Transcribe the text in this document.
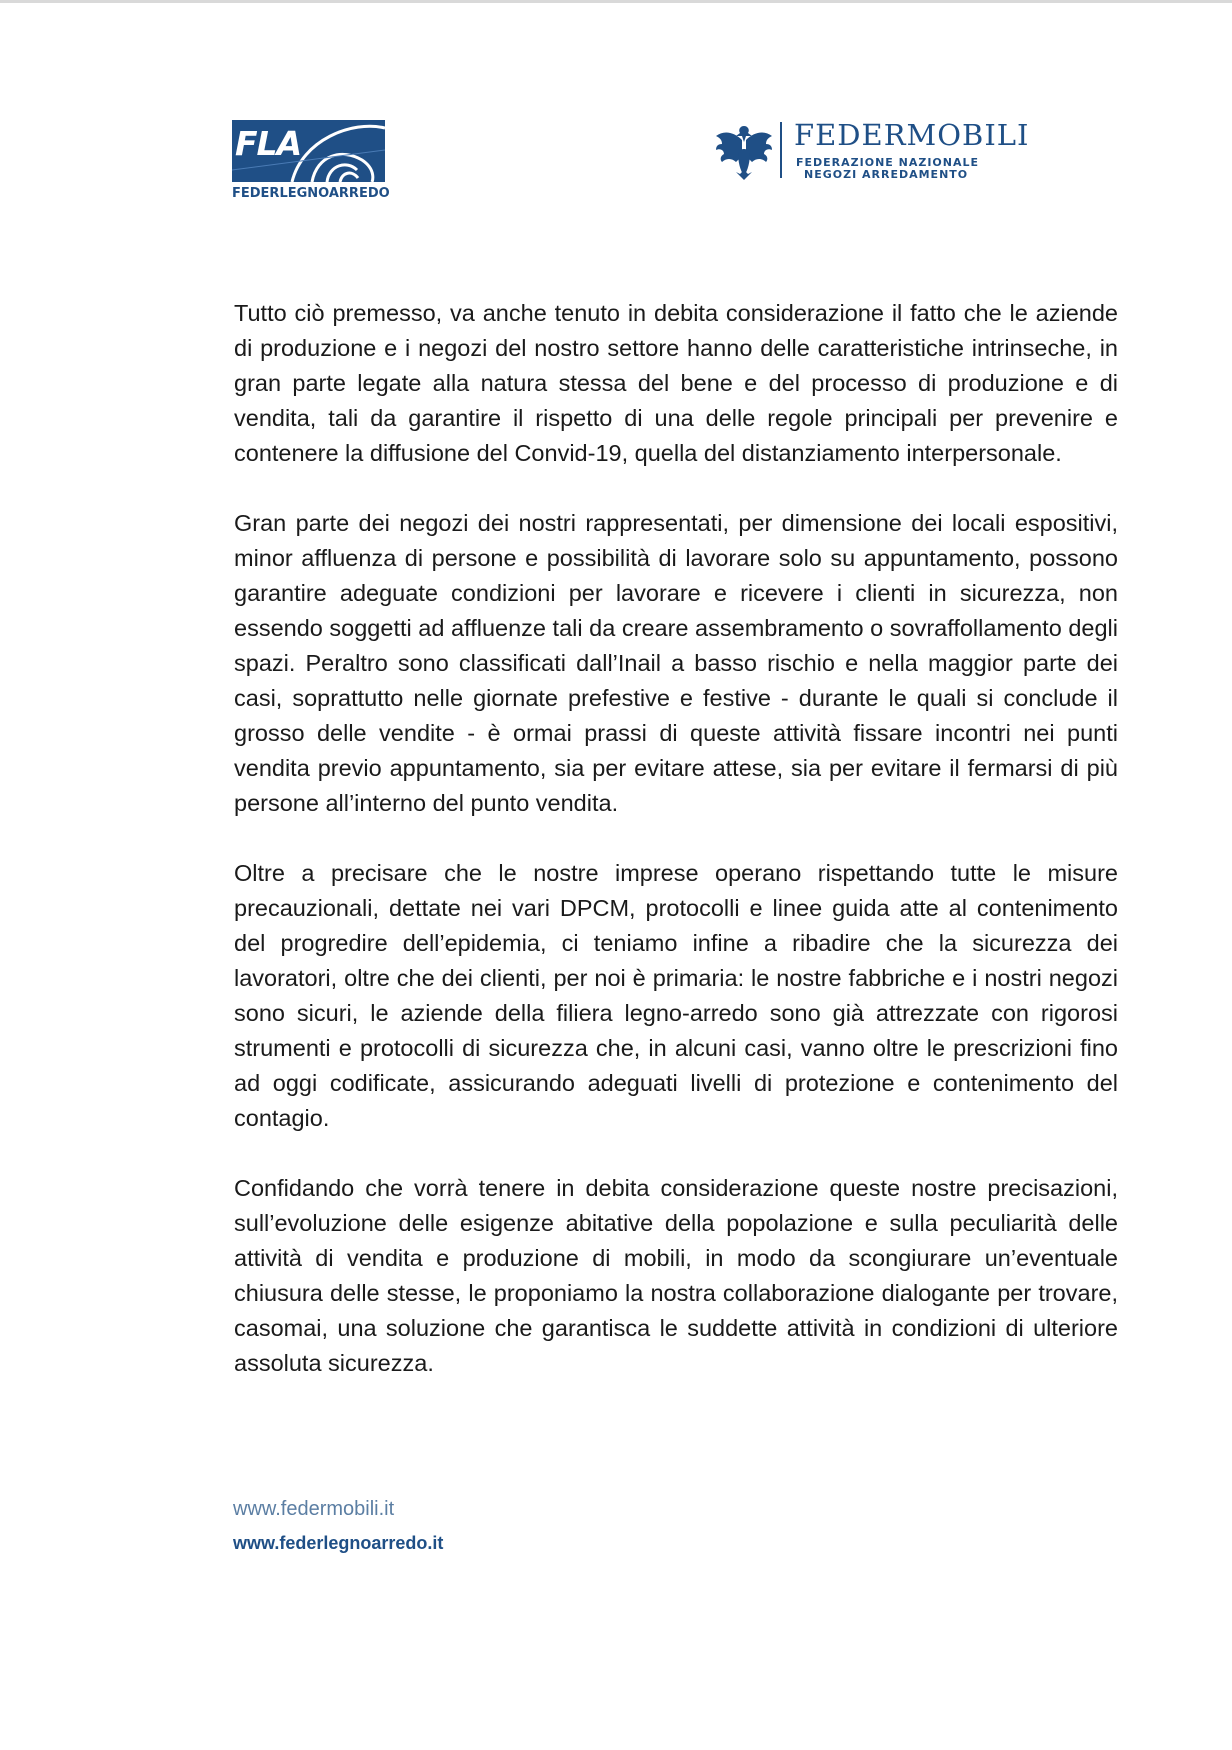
FLA
FEDERLEGNOARREDO
FEDERMOBILI
FEDERAZIONE NAZIONALE
NEGOZI ARREDAMENTO

Tutto ciò premesso, va anche tenuto in debita considerazione il fatto che le aziende di produzione e i negozi del nostro settore hanno delle caratteristiche intrinseche, in gran parte legate alla natura stessa del bene e del processo di produzione e di vendita, tali da garantire il rispetto di una delle regole principali per prevenire e contenere la diffusione del Convid-19, quella del distanziamento interpersonale.

Gran parte dei negozi dei nostri rappresentati, per dimensione dei locali espositivi, minor affluenza di persone e possibilità di lavorare solo su appuntamento, possono garantire adeguate condizioni per lavorare e ricevere i clienti in sicurezza, non essendo soggetti ad affluenze tali da creare assembramento o sovraffollamento degli spazi. Peraltro sono classificati dall’Inail a basso rischio e nella maggior parte dei casi, soprattutto nelle giornate prefestive e festive - durante le quali si conclude il grosso delle vendite - è ormai prassi di queste attività fissare incontri nei punti vendita previo appuntamento, sia per evitare attese, sia per evitare il fermarsi di più persone all’interno del punto vendita.

Oltre a precisare che le nostre imprese operano rispettando tutte le misure precauzionali, dettate nei vari DPCM, protocolli e linee guida atte al contenimento del progredire dell’epidemia, ci teniamo infine a ribadire che la sicurezza dei lavoratori, oltre che dei clienti, per noi è primaria: le nostre fabbriche e i nostri negozi sono sicuri, le aziende della filiera legno-arredo sono già attrezzate con rigorosi strumenti e protocolli di sicurezza che, in alcuni casi, vanno oltre le prescrizioni fino ad oggi codificate, assicurando adeguati livelli di protezione e contenimento del contagio.

Confidando che vorrà tenere in debita considerazione queste nostre precisazioni, sull’evoluzione delle esigenze abitative della popolazione e sulla peculiarità delle attività di vendita e produzione di mobili, in modo da scongiurare un’eventuale chiusura delle stesse, le proponiamo la nostra collaborazione dialogante per trovare, casomai, una soluzione che garantisca le suddette attività in condizioni di ulteriore assoluta sicurezza.

www.federmobili.it
www.federlegnoarredo.it
